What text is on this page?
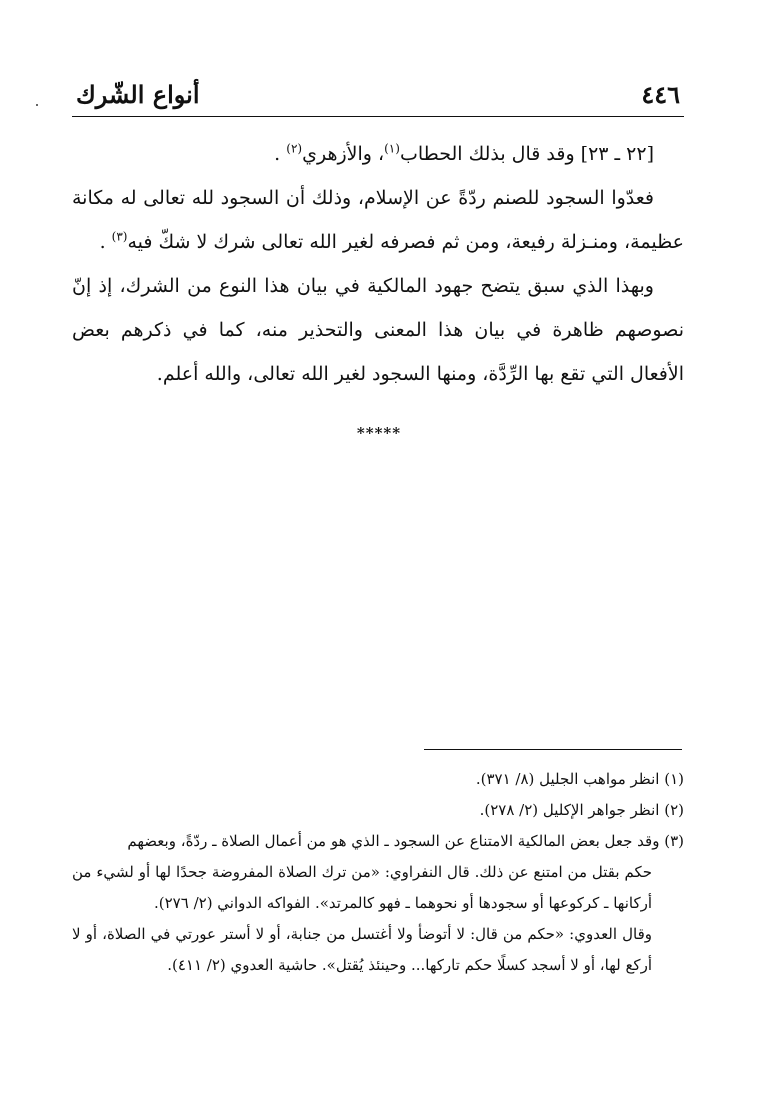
٤٤٦
أنواع الشّرك

[٢٢ ـ ٢٣] وقد قال بذلك الحطاب$^{(١)}$، والأزهري$^{(٢)}$ .

فعدّوا السجود للصنم ردّةً عن الإسلام، وذلك أن السجود لله تعالى له مكانة عظيمة، ومنـزلة رفيعة، ومن ثم فصرفه لغير الله تعالى شرك لا شكّ فيه$^{(٣)}$ .

وبهذا الذي سبق يتضح جهود المالكية في بيان هذا النوع من الشرك، إذ إنّ نصوصهم ظاهرة في بيان هذا المعنى والتحذير منه، كما في ذكرهم بعض الأفعال التي تقع بها الرِّدَّة، ومنها السجود لغير الله تعالى، والله أعلم.

*****

(١) انظر مواهب الجليل (٨/ ٣٧١).

(٢) انظر جواهر الإكليل (٢/ ٢٧٨).

(٣) وقد جعل بعض المالكية الامتناع عن السجود ـ الذي هو من أعمال الصلاة ـ ردّةً، وبعضهم

حكم بقتل من امتنع عن ذلك. قال النفراوي: «من ترك الصلاة المفروضة جحدًا لها أو لشيء من أركانها ـ كركوعها أو سجودها أو نحوهما ـ فهو كالمرتد». الفواكه الدواني (٢/ ٢٧٦).

وقال العدوي: «حكم من قال: لا أتوضأ ولا أغتسل من جنابة، أو لا أستر عورتي في الصلاة، أو لا أركع لها، أو لا أسجد كسلًا حكم تاركها... وحينئذ يُقتل». حاشية العدوي (٢/ ٤١١).
